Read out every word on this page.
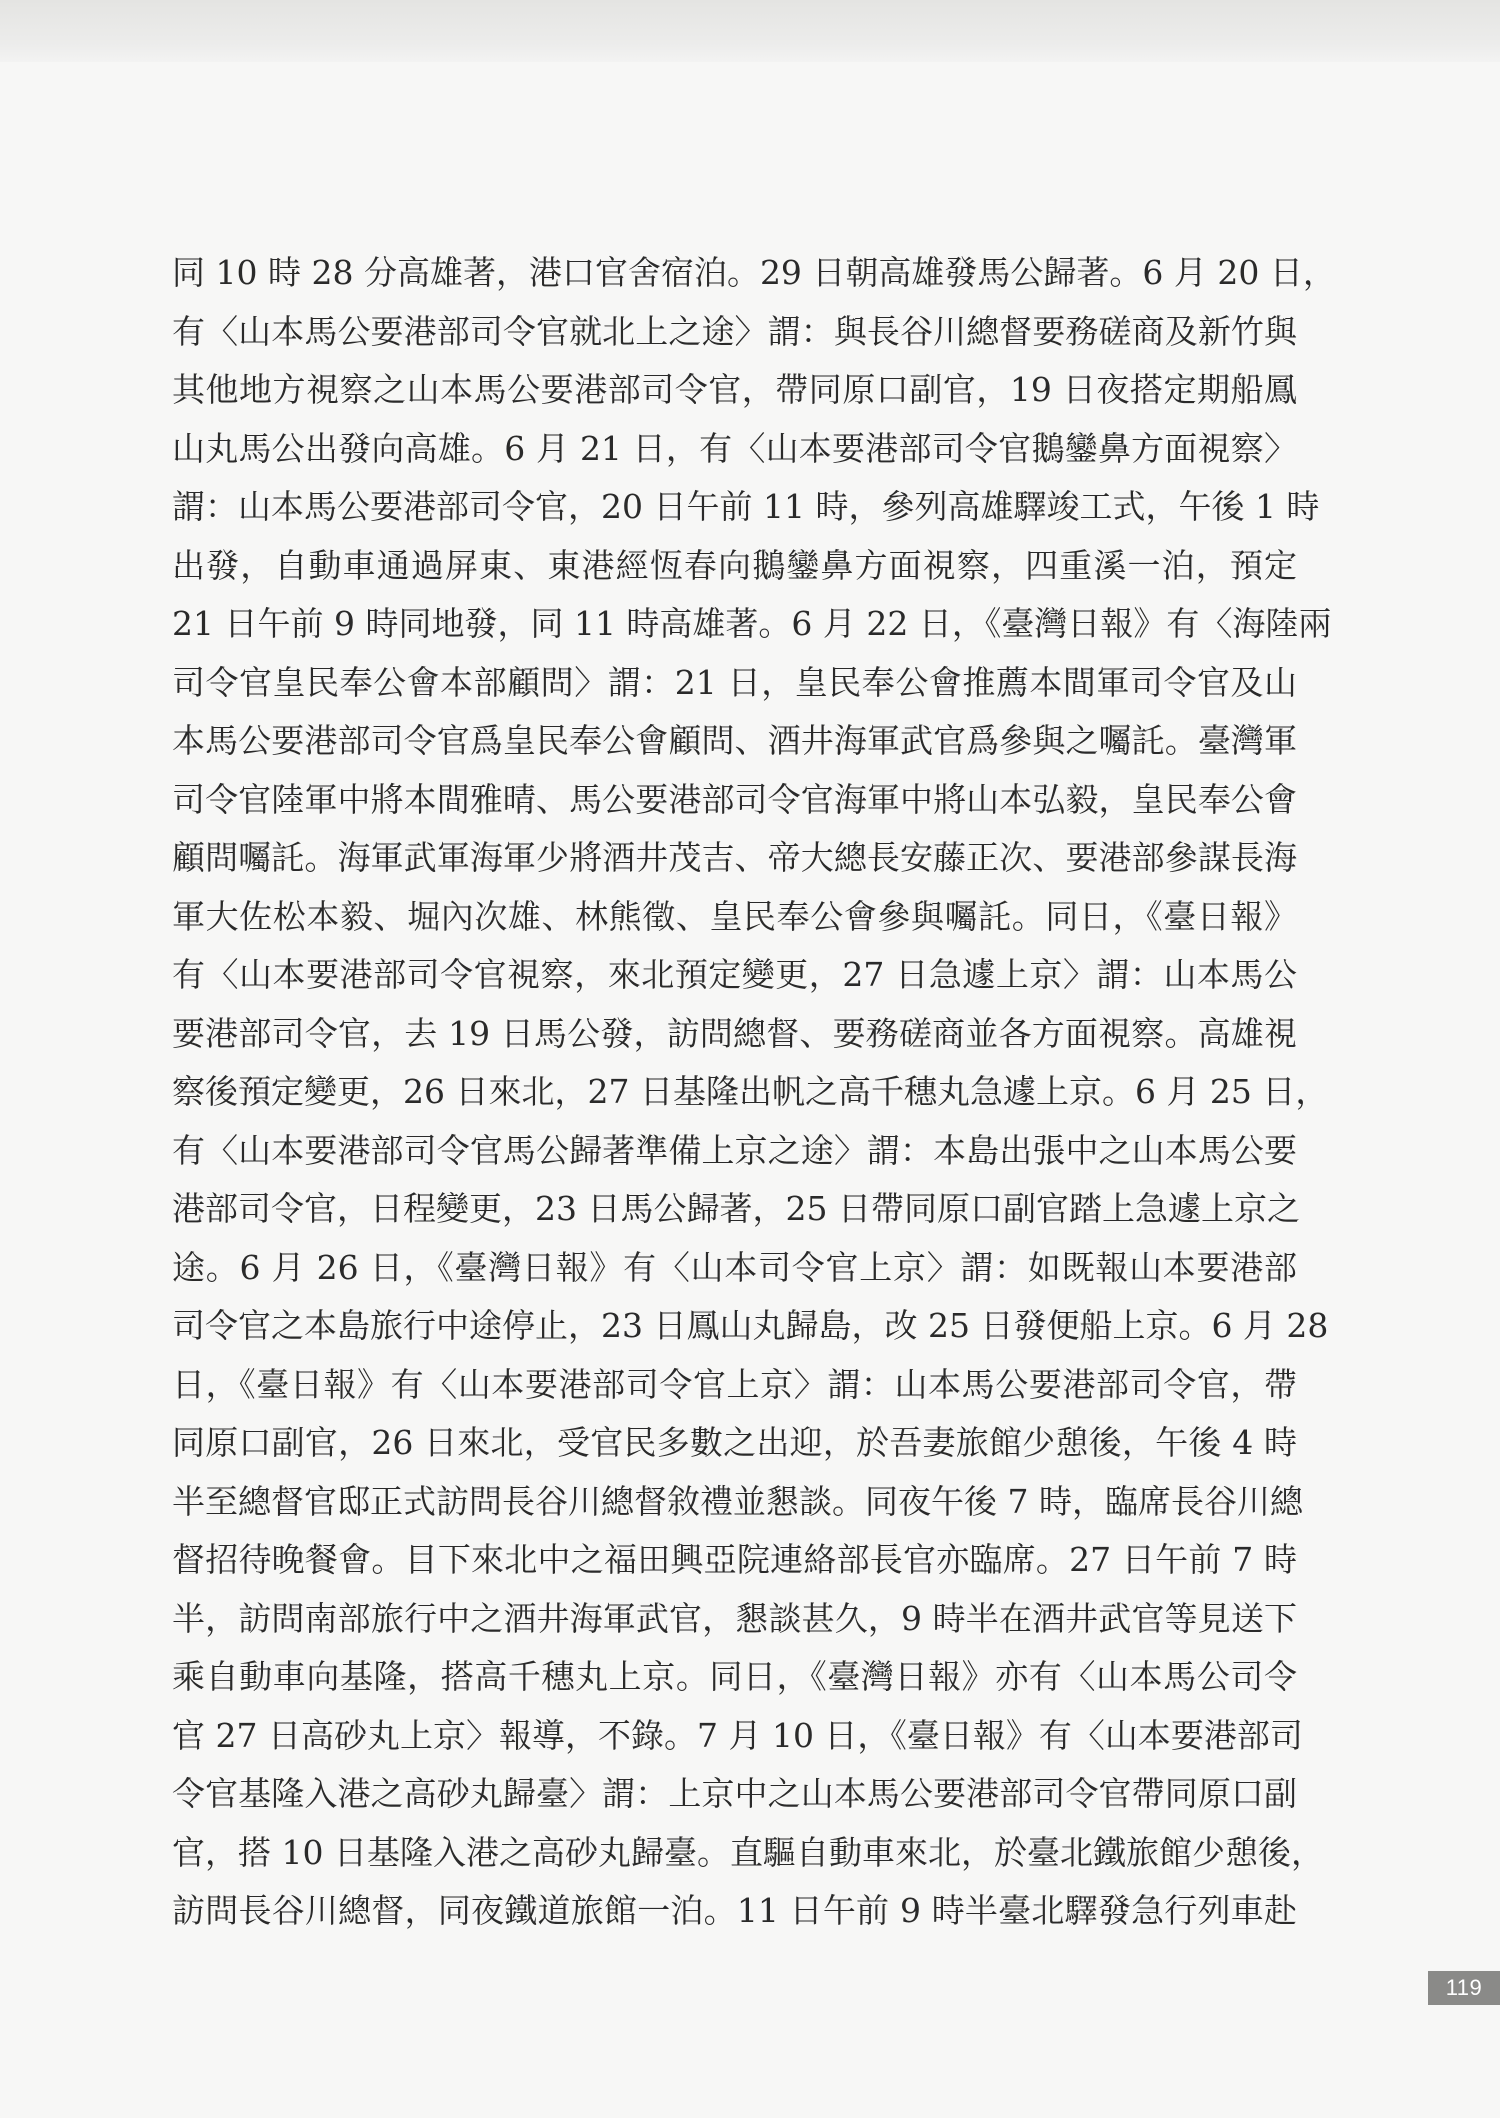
同 10 時 28 分高雄著，港口官舍宿泊。29 日朝高雄發馬公歸著。6 月 20 日，
有〈山本馬公要港部司令官就北上之途〉謂：與長谷川總督要務磋商及新竹與
其他地方視察之山本馬公要港部司令官，帶同原口副官，19 日夜搭定期船鳳
山丸馬公出發向高雄。6 月 21 日，有〈山本要港部司令官鵝鑾鼻方面視察〉
謂：山本馬公要港部司令官，20 日午前 11 時，參列高雄驛竣工式，午後 1 時
出發，自動車通過屏東、東港經恆春向鵝鑾鼻方面視察，四重溪一泊，預定
21 日午前 9 時同地發，同 11 時高雄著。6 月 22 日，《臺灣日報》有〈海陸兩
司令官皇民奉公會本部顧問〉謂：21 日，皇民奉公會推薦本間軍司令官及山
本馬公要港部司令官爲皇民奉公會顧問、酒井海軍武官爲參與之囑託。臺灣軍
司令官陸軍中將本間雅晴、馬公要港部司令官海軍中將山本弘毅，皇民奉公會
顧問囑託。海軍武軍海軍少將酒井茂吉、帝大總長安藤正次、要港部參謀長海
軍大佐松本毅、堀內次雄、林熊徵、皇民奉公會參與囑託。同日，《臺日報》
有〈山本要港部司令官視察，來北預定變更，27 日急遽上京〉謂：山本馬公
要港部司令官，去 19 日馬公發，訪問總督、要務磋商並各方面視察。高雄視
察後預定變更，26 日來北，27 日基隆出帆之高千穗丸急遽上京。6 月 25 日，
有〈山本要港部司令官馬公歸著準備上京之途〉謂：本島出張中之山本馬公要
港部司令官，日程變更，23 日馬公歸著，25 日帶同原口副官踏上急遽上京之
途。6 月 26 日，《臺灣日報》有〈山本司令官上京〉謂：如既報山本要港部
司令官之本島旅行中途停止，23 日鳳山丸歸島，改 25 日發便船上京。6 月 28
日，《臺日報》有〈山本要港部司令官上京〉謂：山本馬公要港部司令官，帶
同原口副官，26 日來北，受官民多數之出迎，於吾妻旅館少憩後，午後 4 時
半至總督官邸正式訪問長谷川總督敘禮並懇談。同夜午後 7 時，臨席長谷川總
督招待晚餐會。目下來北中之福田興亞院連絡部長官亦臨席。27 日午前 7 時
半，訪問南部旅行中之酒井海軍武官，懇談甚久，9 時半在酒井武官等見送下
乘自動車向基隆，搭高千穗丸上京。同日，《臺灣日報》亦有〈山本馬公司令
官 27 日高砂丸上京〉報導，不錄。7 月 10 日，《臺日報》有〈山本要港部司
令官基隆入港之高砂丸歸臺〉謂：上京中之山本馬公要港部司令官帶同原口副
官，搭 10 日基隆入港之高砂丸歸臺。直驅自動車來北，於臺北鐵旅館少憩後，
訪問長谷川總督，同夜鐵道旅館一泊。11 日午前 9 時半臺北驛發急行列車赴
119
